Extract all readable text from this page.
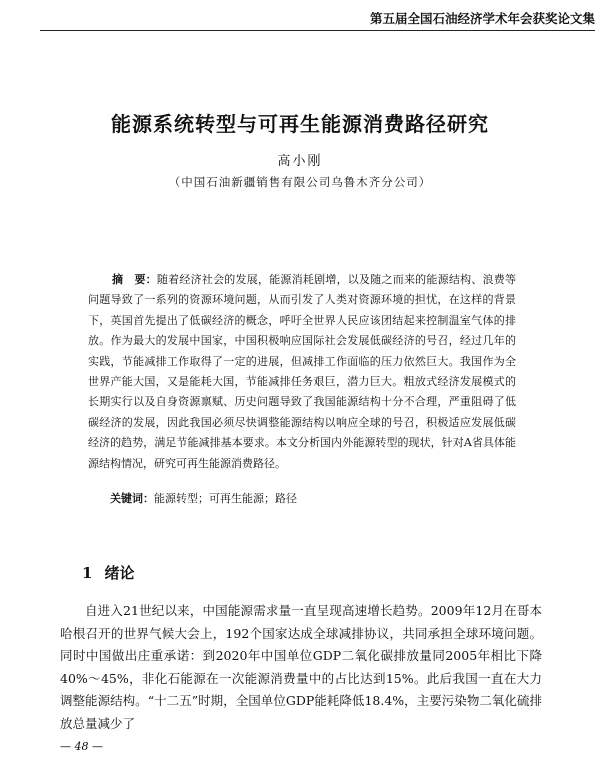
第五届全国石油经济学术年会获奖论文集
能源系统转型与可再生能源消费路径研究
高小刚
（中国石油新疆销售有限公司乌鲁木齐分公司）

摘　要：随着经济社会的发展，能源消耗剧增，以及随之而来的能源结构、浪费等问题导致了一系列的资源环境问题，从而引发了人类对资源环境的担忧，在这样的背景下，英国首先提出了低碳经济的概念，呼吁全世界人民应该团结起来控制温室气体的排放。作为最大的发展中国家，中国积极响应国际社会发展低碳经济的号召，经过几年的实践，节能减排工作取得了一定的进展，但减排工作面临的压力依然巨大。我国作为全世界产能大国，又是能耗大国，节能减排任务艰巨，潜力巨大。粗放式经济发展模式的长期实行以及自身资源禀赋、历史问题导致了我国能源结构十分不合理，严重阻碍了低碳经济的发展，因此我国必须尽快调整能源结构以响应全球的号召，积极适应发展低碳经济的趋势，满足节能减排基本要求。本文分析国内外能源转型的现状，针对A省具体能源结构情况，研究可再生能源消费路径。

关键词：能源转型；可再生能源；路径
1 绪论

自进入21世纪以来，中国能源需求量一直呈现高速增长趋势。2009年12月在哥本哈根召开的世界气候大会上，192个国家达成全球减排协议，共同承担全球环境问题。同时中国做出庄重承诺：到2020年中国单位GDP二氧化碳排放量同2005年相比下降40%～45%，非化石能源在一次能源消费量中的占比达到15%。此后我国一直在大力调整能源结构。“十二五”时期，全国单位GDP能耗降低18.4%，主要污染物二氧化硫排放总量减少了

— 48 —
